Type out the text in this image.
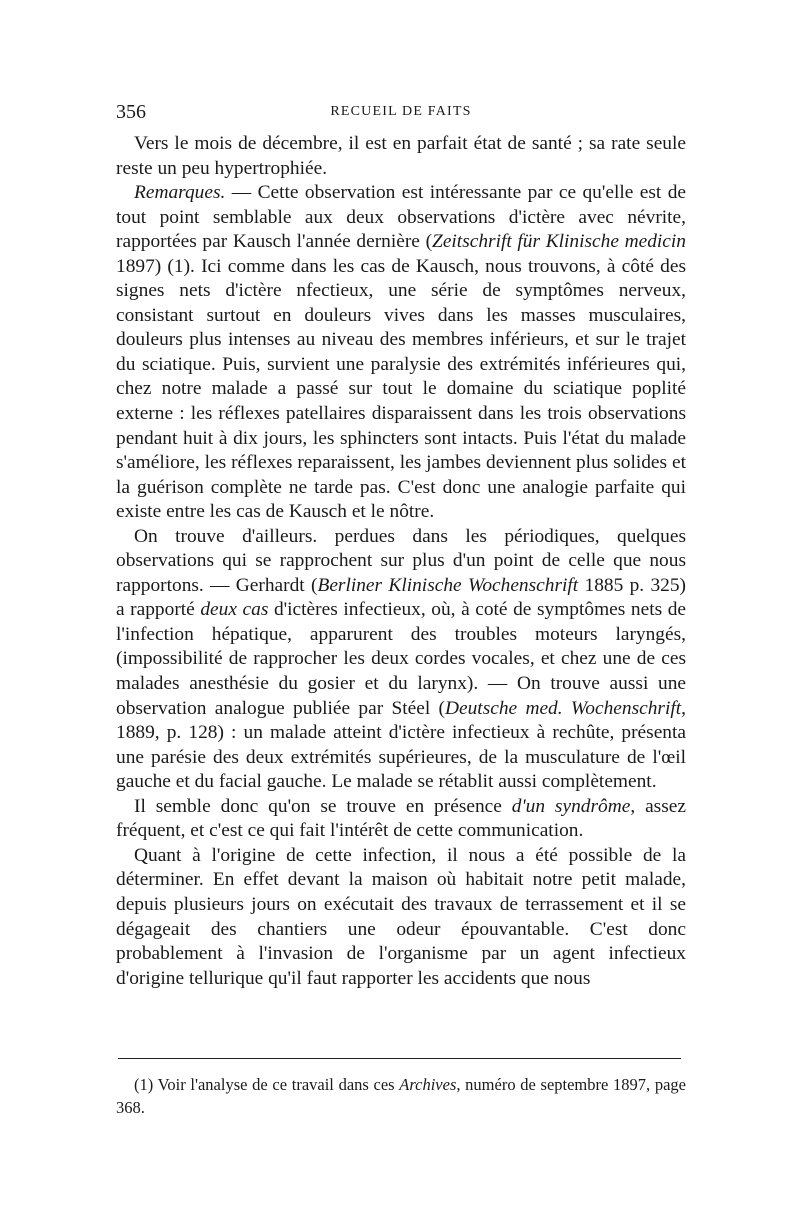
356	RECUEIL DE FAITS

Vers le mois de décembre, il est en parfait état de santé ; sa rate seule reste un peu hypertrophiée.

Remarques. — Cette observation est intéressante par ce qu'elle est de tout point semblable aux deux observations d'ictère avec névrite, rapportées par Kausch l'année dernière (Zeitschrift für Klinische medicin 1897) (1). Ici comme dans les cas de Kausch, nous trouvons, à côté des signes nets d'ictère nfectieux, une série de symptômes nerveux, consistant surtout en douleurs vives dans les masses musculaires, douleurs plus intenses au niveau des membres inférieurs, et sur le trajet du sciatique. Puis, survient une paralysie des extrémités inférieures qui, chez notre malade a passé sur tout le domaine du sciatique poplité externe : les réflexes patellaires disparaissent dans les trois observations pendant huit à dix jours, les sphincters sont intacts. Puis l'état du malade s'améliore, les réflexes reparaissent, les jambes deviennent plus solides et la guérison complète ne tarde pas. C'est donc une analogie parfaite qui existe entre les cas de Kausch et le nôtre.

On trouve d'ailleurs. perdues dans les périodiques, quelques observations qui se rapprochent sur plus d'un point de celle que nous rapportons. — Gerhardt (Berliner Klinische Wochenschrift 1885 p. 325) a rapporté deux cas d'ictères infectieux, où, à coté de symptômes nets de l'infection hépatique, apparurent des troubles moteurs laryngés, (impossibilité de rapprocher les deux cordes vocales, et chez une de ces malades anesthésie du gosier et du larynx). — On trouve aussi une observation analogue publiée par Stéel (Deutsche med. Wochenschrift, 1889, p. 128) : un malade atteint d'ictère infectieux à rechûte, présenta une parésie des deux extrémités supérieures, de la musculature de l'œil gauche et du facial gauche. Le malade se rétablit aussi complètement.

Il semble donc qu'on se trouve en présence d'un syndrôme, assez fréquent, et c'est ce qui fait l'intérêt de cette communication.

Quant à l'origine de cette infection, il nous a été possible de la déterminer. En effet devant la maison où habitait notre petit malade, depuis plusieurs jours on exécutait des travaux de terrassement et il se dégageait des chantiers une odeur épouvantable. C'est donc probablement à l'invasion de l'organisme par un agent infectieux d'origine tellurique qu'il faut rapporter les accidents que nous

(1) Voir l'analyse de ce travail dans ces Archives, numéro de septembre 1897, page 368.
